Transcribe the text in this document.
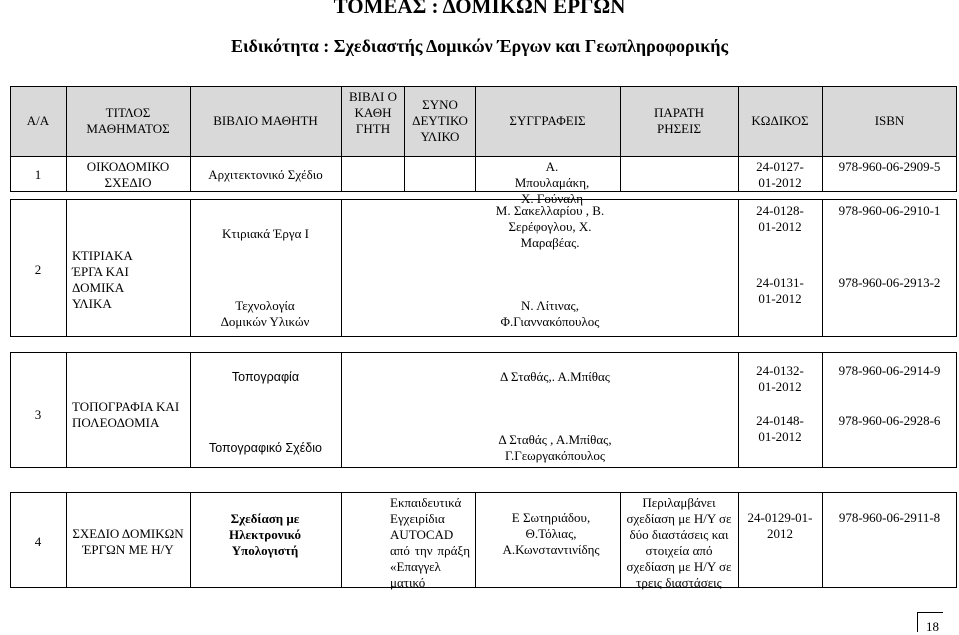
ΤΟΜΕΑΣ : ΔΟΜΙΚΩΝ ΕΡΓΩΝ
Ειδικότητα : Σχεδιαστής Δομικών Έργων και Γεωπληροφορικής
Α/Α
ΤΙΤΛΟΣ ΜΑΘΗΜΑΤΟΣ
ΒΙΒΛΙΟ ΜΑΘΗΤΗ
ΒΙΒΛΙ Ο ΚΑΘΗ ΓΗΤΗ
ΣΥΝΟ ΔΕΥΤΙΚΟ ΥΛΙΚΟ
ΣΥΓΓΡΑΦΕΙΣ
ΠΑΡΑΤΗ ΡΗΣΕΙΣ
ΚΩΔΙΚΟΣ	ISBN
1
ΟΙΚΟΔΟΜΙΚΟ ΣΧΕΔΙΟ
Αρχιτεκτονικό Σχέδιο
Α. Μπουλαμάκη, Χ. Γούναλη
24-0127-01-2012
978-960-06-2909-5
2
ΚΤΙΡΙΑΚΑ ΈΡΓΑ ΚΑΙ ΔΟΜΙΚΑ ΥΛΙΚΑ
Κτιριακά Έργα Ι
Τεχνολογία Δομικών Υλικών
Μ. Σακελλαρίου , Β. Σερέφογλου, Χ. Μαραβέας.
Ν. Λίτινας, Φ.Γιαννακόπουλος
24-0128-01-2012
24-0131-01-2012
978-960-06-2910-1
978-960-06-2913-2
3
ΤΟΠΟΓΡΑΦΙΑ ΚΑΙ ΠΟΛΕΟΔΟΜΙΑ
Τοπογραφία
Τοπογραφικό Σχέδιο
Δ Σταθάς,. Α.Μπίθας
Δ Σταθάς , Α.Μπίθας, Γ.Γεωργακόπουλος
24-0132-01-2012
24-0148-01-2012
978-960-06-2914-9
978-960-06-2928-6
4
ΣΧΕΔΙΟ ΔΟΜΙΚΩΝ ΈΡΓΩΝ ΜΕ Η/Υ
Σχεδίαση με Ηλεκτρονικό Υπολογιστή
Εκπαιδευτικά Εγχειρίδια AUTOCAD από την πράξη «Επαγγελ ματικό
Ε Σωτηριάδου, Θ.Τόλιας, Α.Κωνσταντινίδης
Περιλαμβάνει σχεδίαση με Η/Υ σε δύο διαστάσεις και στοιχεία από σχεδίαση με Η/Υ σε τρεις διαστάσεις
24-0129-01-2012
978-960-06-2911-8
18
